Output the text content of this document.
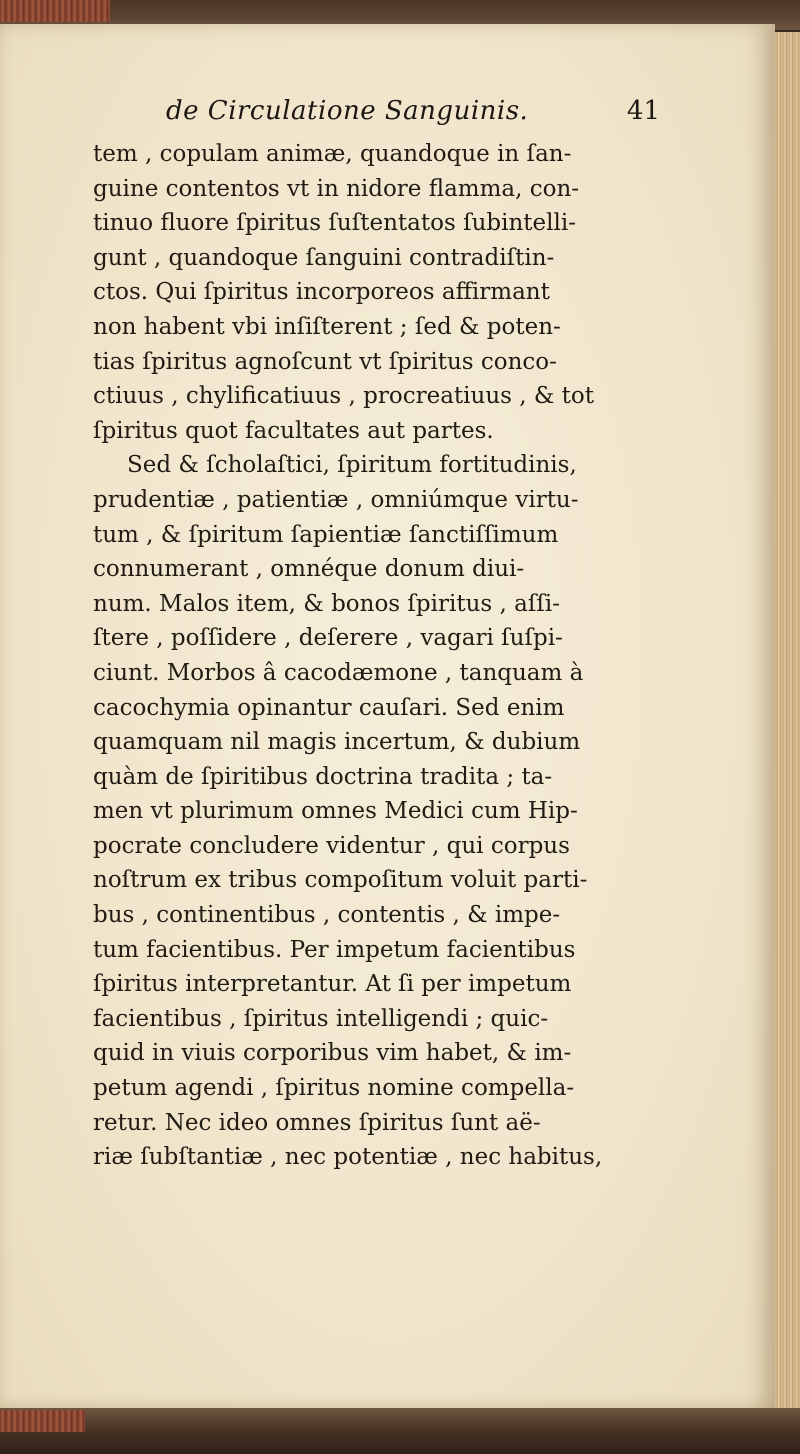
de Circulatione Sanguinis.	41
tem , copulam animæ, quandoque in ſan-
guine contentos vt in nidore flamma, con-
tinuo fluore ſpiritus ſuſtentatos ſubintelli-
gunt , quandoque ſanguini contradiſtin-
ctos. Qui ſpiritus incorporeos affirmant
non habent vbi inſiſterent ; ſed & poten-
tias ſpiritus agnoſcunt vt ſpiritus conco-
ctiuus , chylificatiuus , procreatiuus , & tot
ſpiritus quot facultates aut partes.
Sed & ſcholaſtici, ſpiritum fortitudinis,
prudentiæ , patientiæ , omniúmque virtu-
tum , & ſpiritum ſapientiæ ſanctiſſimum
connumerant , omnéque donum diui-
num. Malos item, & bonos ſpiritus , aſſi-
ſtere , poſſidere , deſerere , vagari ſuſpi-
ciunt. Morbos â cacodæmone , tanquam à
cacochymia opinantur cauſari. Sed enim
quamquam nil magis incertum, & dubium
quàm de ſpiritibus doctrina tradita ; ta-
men vt plurimum omnes Medici cum Hip-
pocrate concludere videntur , qui corpus
noſtrum ex tribus compoſitum voluit parti-
bus , continentibus , contentis , & impe-
tum facientibus. Per impetum facientibus
ſpiritus interpretantur. At ſi per impetum
facientibus , ſpiritus intelligendi ; quic-
quid in viuis corporibus vim habet, & im-
petum agendi , ſpiritus nomine compella-
retur. Nec ideo omnes ſpiritus ſunt aë-
riæ ſubſtantiæ , nec potentiæ , nec habitus,
